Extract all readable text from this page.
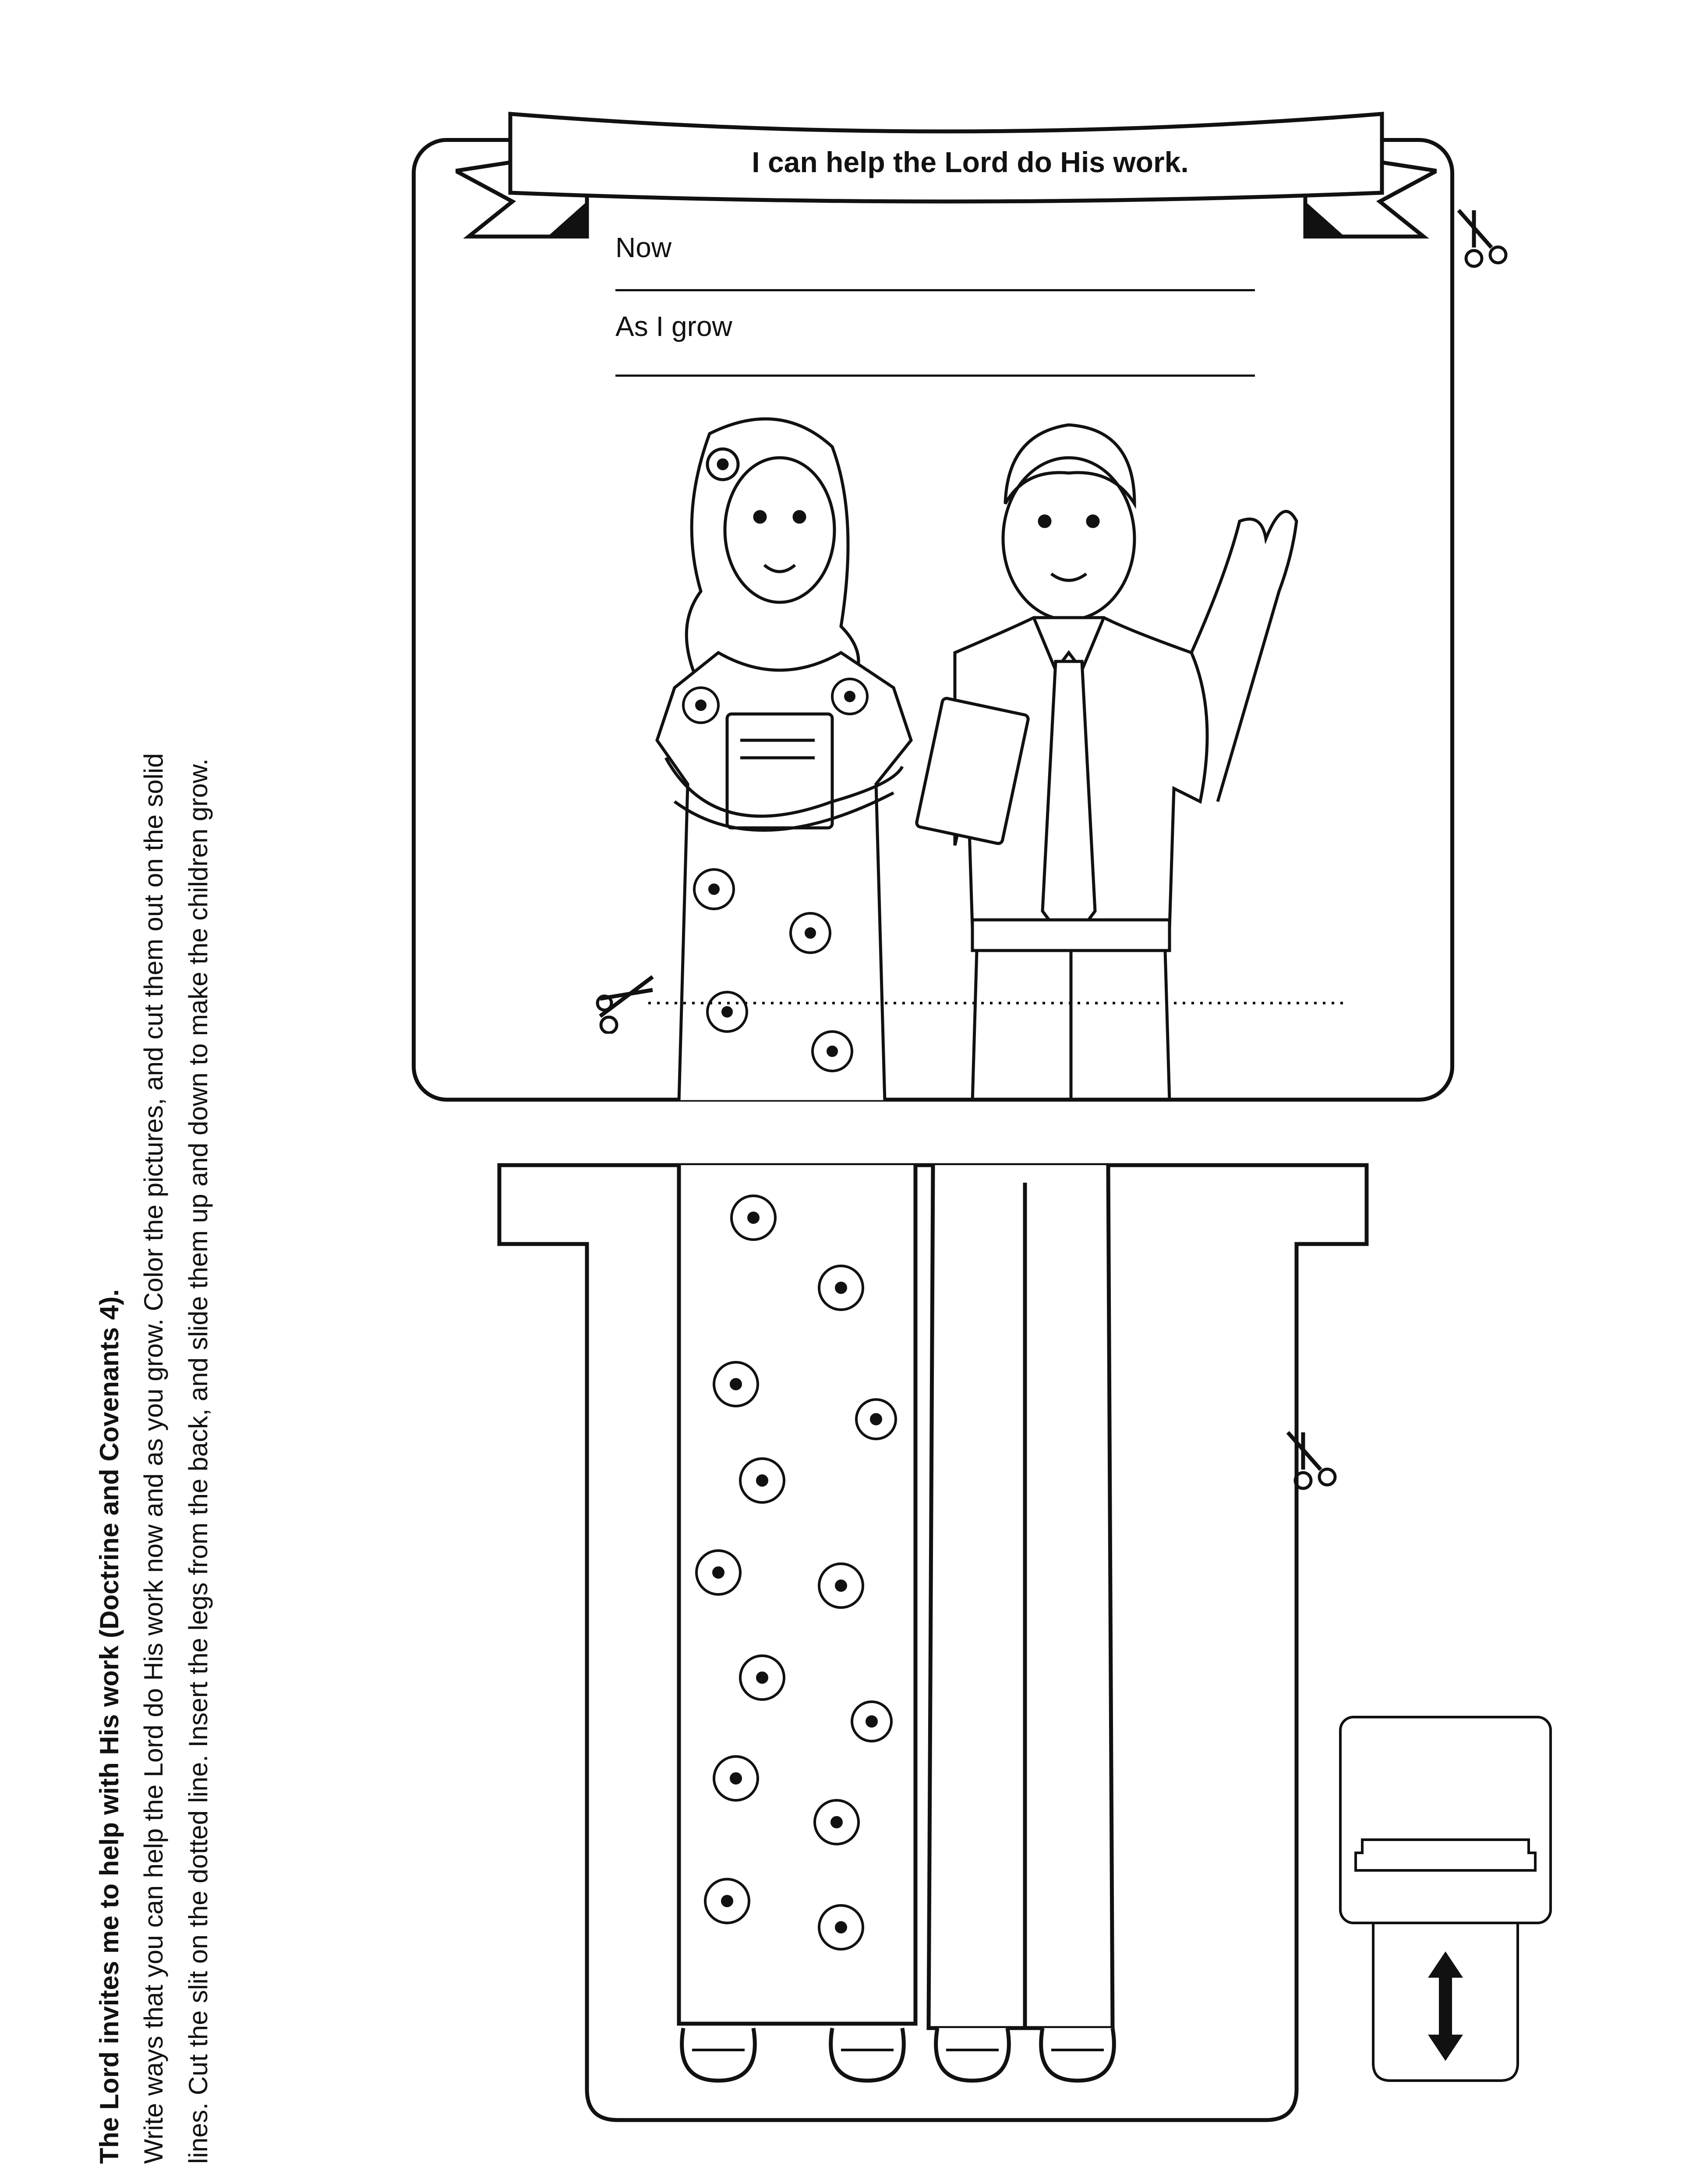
The Lord invites me to help with His work (Doctrine and Covenants 4). Write ways that you can help the Lord do His work now and as you grow. Color the pictures, and cut them out on the solid lines. Cut the slit on the dotted line. Insert the legs from the back, and slide them up and down to make the children grow.
I can help the Lord do His work.
Now
As I grow
